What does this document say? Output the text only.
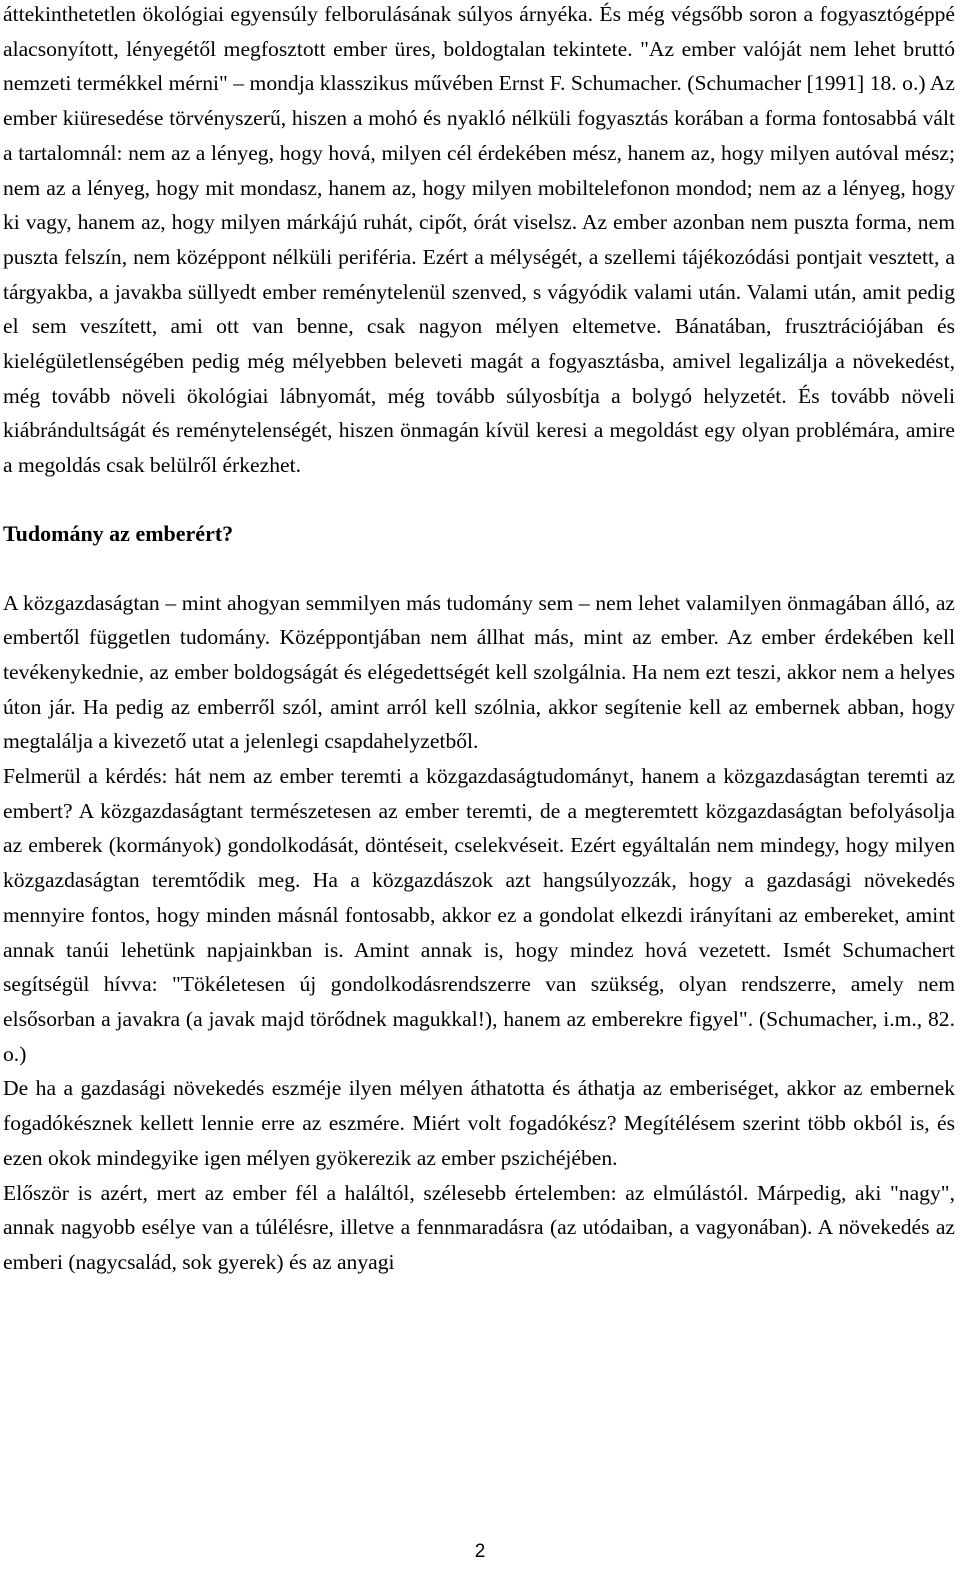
áttekinthetetlen ökológiai egyensúly felborulásának súlyos árnyéka. És még végsőbb soron a fogyasztógéppé alacsonyított, lényegétől megfosztott ember üres, boldogtalan tekintete. "Az ember valóját nem lehet bruttó nemzeti termékkel mérni" – mondja klasszikus művében Ernst F. Schumacher. (Schumacher [1991] 18. o.) Az ember kiüresedése törvényszerű, hiszen a mohó és nyakló nélküli fogyasztás korában a forma fontosabbá vált a tartalomnál: nem az a lényeg, hogy hová, milyen cél érdekében mész, hanem az, hogy milyen autóval mész; nem az a lényeg, hogy mit mondasz, hanem az, hogy milyen mobiltelefonon mondod; nem az a lényeg, hogy ki vagy, hanem az, hogy milyen márkájú ruhát, cipőt, órát viselsz. Az ember azonban nem puszta forma, nem puszta felszín, nem középpont nélküli periféria. Ezért a mélységét, a szellemi tájékozódási pontjait vesztett, a tárgyakba, a javakba süllyedt ember reménytelenül szenved, s vágyódik valami után. Valami után, amit pedig el sem veszített, ami ott van benne, csak nagyon mélyen eltemetve. Bánatában, frusztrációjában és kielégületlenségében pedig még mélyebben beleveti magát a fogyasztásba, amivel legalizálja a növekedést, még tovább növeli ökológiai lábnyomát, még tovább súlyosbítja a bolygó helyzetét. És tovább növeli kiábrándultságát és reménytelenségét, hiszen önmagán kívül keresi a megoldást egy olyan problémára, amire a megoldás csak belülről érkezhet.

Tudomány az emberért?

A közgazdaságtan – mint ahogyan semmilyen más tudomány sem – nem lehet valamilyen önmagában álló, az embertől független tudomány. Középpontjában nem állhat más, mint az ember. Az ember érdekében kell tevékenykednie, az ember boldogságát és elégedettségét kell szolgálnia. Ha nem ezt teszi, akkor nem a helyes úton jár. Ha pedig az emberről szól, amint arról kell szólnia, akkor segítenie kell az embernek abban, hogy megtalálja a kivezető utat a jelenlegi csapdahelyzetből.

Felmerül a kérdés: hát nem az ember teremti a közgazdaságtudományt, hanem a közgazdaságtan teremti az embert? A közgazdaságtant természetesen az ember teremti, de a megteremtett közgazdaságtan befolyásolja az emberek (kormányok) gondolkodását, döntéseit, cselekvéseit. Ezért egyáltalán nem mindegy, hogy milyen közgazdaságtan teremtődik meg. Ha a közgazdászok azt hangsúlyozzák, hogy a gazdasági növekedés mennyire fontos, hogy minden másnál fontosabb, akkor ez a gondolat elkezdi irányítani az embereket, amint annak tanúi lehetünk napjainkban is. Amint annak is, hogy mindez hová vezetett. Ismét Schumachert segítségül hívva: "Tökéletesen új gondolkodásrendszerre van szükség, olyan rendszerre, amely nem elsősorban a javakra (a javak majd törődnek magukkal!), hanem az emberekre figyel". (Schumacher, i.m., 82. o.)

De ha a gazdasági növekedés eszméje ilyen mélyen áthatotta és áthatja az emberiséget, akkor az embernek fogadókésznek kellett lennie erre az eszmére. Miért volt fogadókész? Megítélésem szerint több okból is, és ezen okok mindegyike igen mélyen gyökerezik az ember pszichéjében.

Először is azért, mert az ember fél a haláltól, szélesebb értelemben: az elmúlástól. Márpedig, aki "nagy", annak nagyobb esélye van a túlélésre, illetve a fennmaradásra (az utódaiban, a vagyonában). A növekedés az emberi (nagycsalád, sok gyerek) és az anyagi

2
